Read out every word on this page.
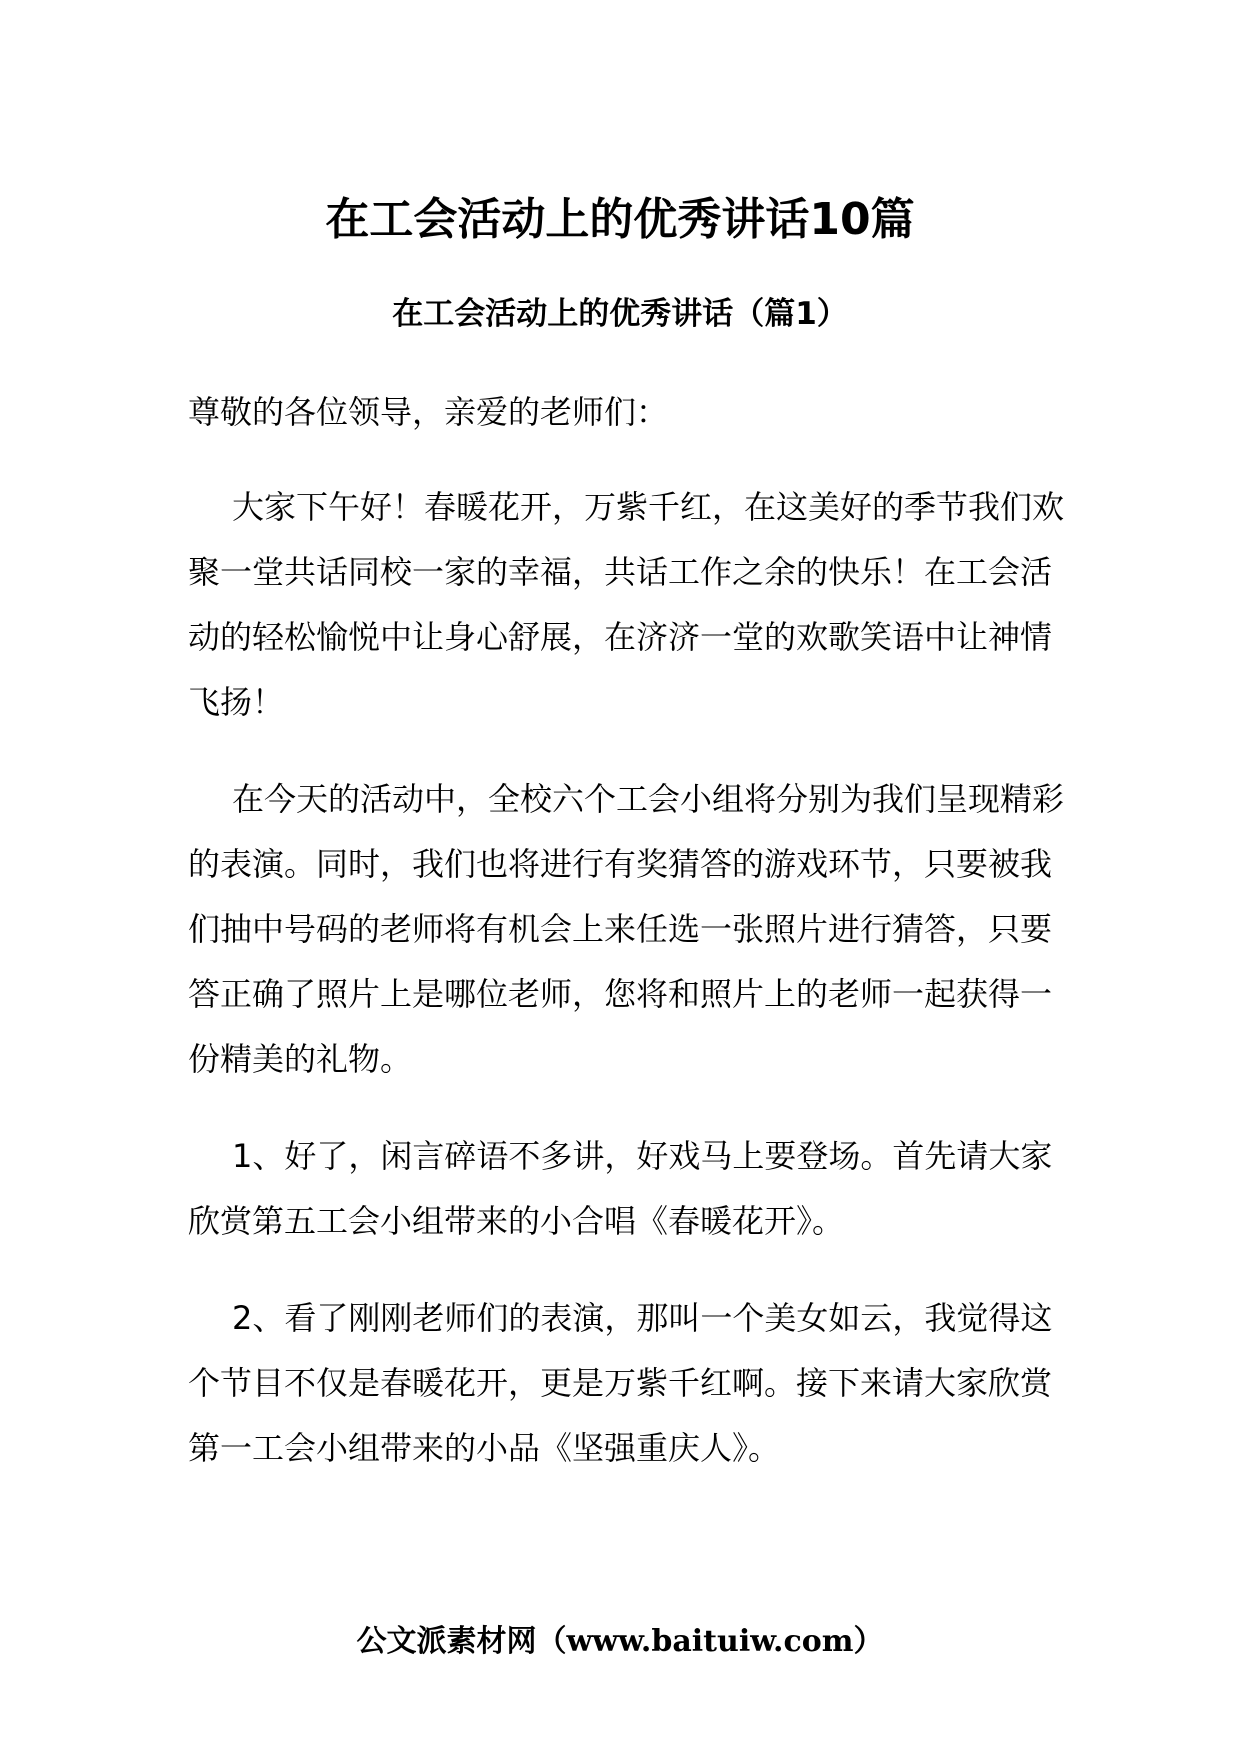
在工会活动上的优秀讲话10篇
在工会活动上的优秀讲话（篇1）

尊敬的各位领导，亲爱的老师们：

大家下午好！春暖花开，万紫千红，在这美好的季节我们欢聚一堂共话同校一家的幸福，共话工作之余的快乐！在工会活动的轻松愉悦中让身心舒展，在济济一堂的欢歌笑语中让神情飞扬！

在今天的活动中，全校六个工会小组将分别为我们呈现精彩的表演。同时，我们也将进行有奖猜答的游戏环节，只要被我们抽中号码的老师将有机会上来任选一张照片进行猜答，只要答正确了照片上是哪位老师，您将和照片上的老师一起获得一份精美的礼物。

1、好了，闲言碎语不多讲，好戏马上要登场。首先请大家欣赏第五工会小组带来的小合唱《春暖花开》。

2、看了刚刚老师们的表演，那叫一个美女如云，我觉得这个节目不仅是春暖花开，更是万紫千红啊。接下来请大家欣赏第一工会小组带来的小品《坚强重庆人》。

公文派素材网（www.baituiw.com）
